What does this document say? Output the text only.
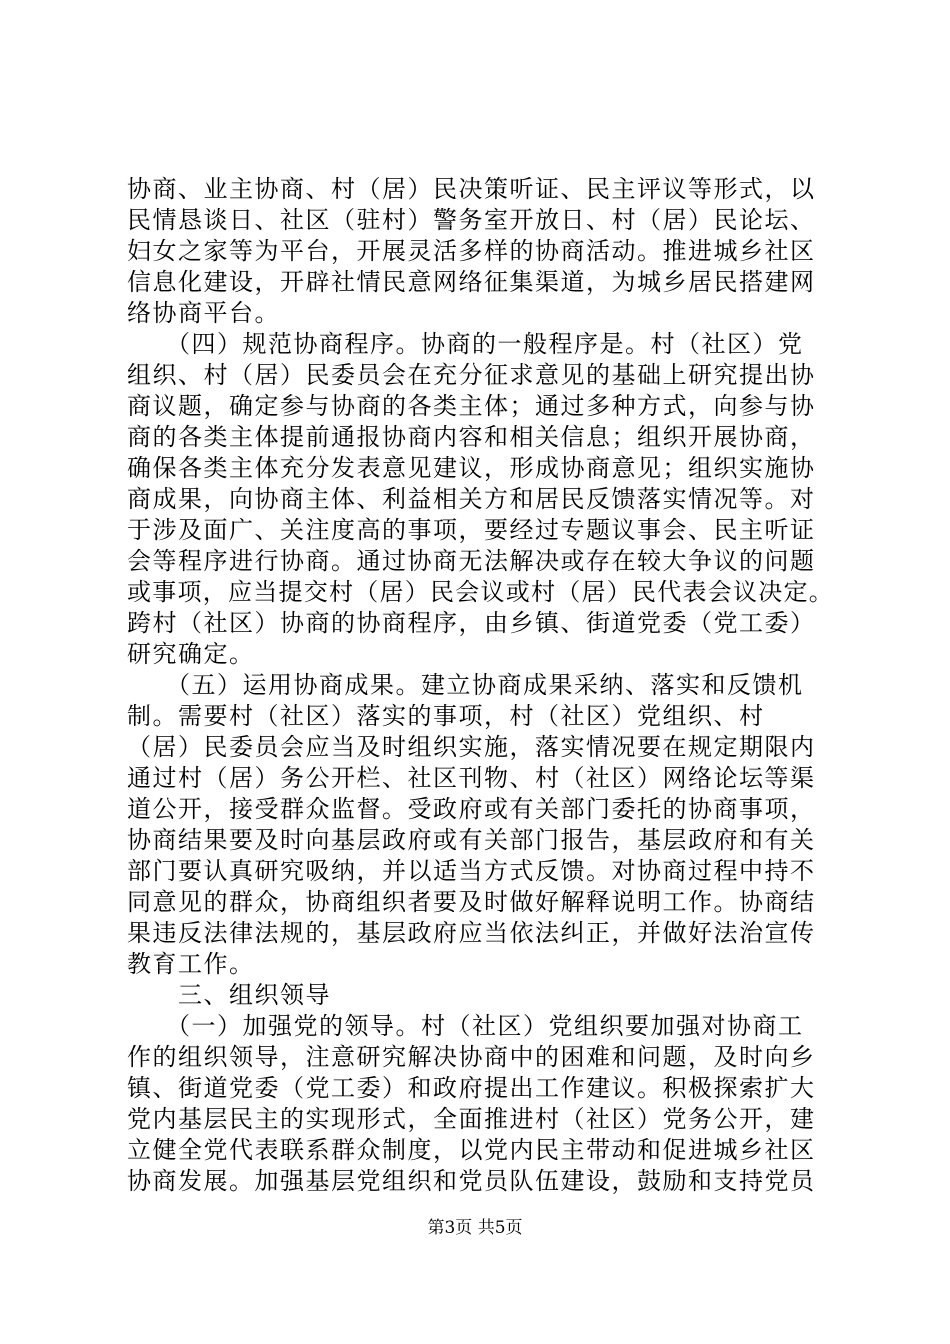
协商、业主协商、村（居）民决策听证、民主评议等形式，以
民情恳谈日、社区（驻村）警务室开放日、村（居）民论坛、
妇女之家等为平台，开展灵活多样的协商活动。推进城乡社区
信息化建设，开辟社情民意网络征集渠道，为城乡居民搭建网
络协商平台。
　　（四）规范协商程序。协商的一般程序是。村（社区）党
组织、村（居）民委员会在充分征求意见的基础上研究提出协
商议题，确定参与协商的各类主体；通过多种方式，向参与协
商的各类主体提前通报协商内容和相关信息；组织开展协商，
确保各类主体充分发表意见建议，形成协商意见；组织实施协
商成果，向协商主体、利益相关方和居民反馈落实情况等。对
于涉及面广、关注度高的事项，要经过专题议事会、民主听证
会等程序进行协商。通过协商无法解决或存在较大争议的问题
或事项，应当提交村（居）民会议或村（居）民代表会议决定。
跨村（社区）协商的协商程序，由乡镇、街道党委（党工委）
研究确定。
　　（五）运用协商成果。建立协商成果采纳、落实和反馈机
制。需要村（社区）落实的事项，村（社区）党组织、村
（居）民委员会应当及时组织实施，落实情况要在规定期限内
通过村（居）务公开栏、社区刊物、村（社区）网络论坛等渠
道公开，接受群众监督。受政府或有关部门委托的协商事项，
协商结果要及时向基层政府或有关部门报告，基层政府和有关
部门要认真研究吸纳，并以适当方式反馈。对协商过程中持不
同意见的群众，协商组织者要及时做好解释说明工作。协商结
果违反法律法规的，基层政府应当依法纠正，并做好法治宣传
教育工作。
　　三、组织领导
　　（一）加强党的领导。村（社区）党组织要加强对协商工
作的组织领导，注意研究解决协商中的困难和问题，及时向乡
镇、街道党委（党工委）和政府提出工作建议。积极探索扩大
党内基层民主的实现形式，全面推进村（社区）党务公开，建
立健全党代表联系群众制度，以党内民主带动和促进城乡社区
协商发展。加强基层党组织和党员队伍建设，鼓励和支持党员
第3页 共5页
